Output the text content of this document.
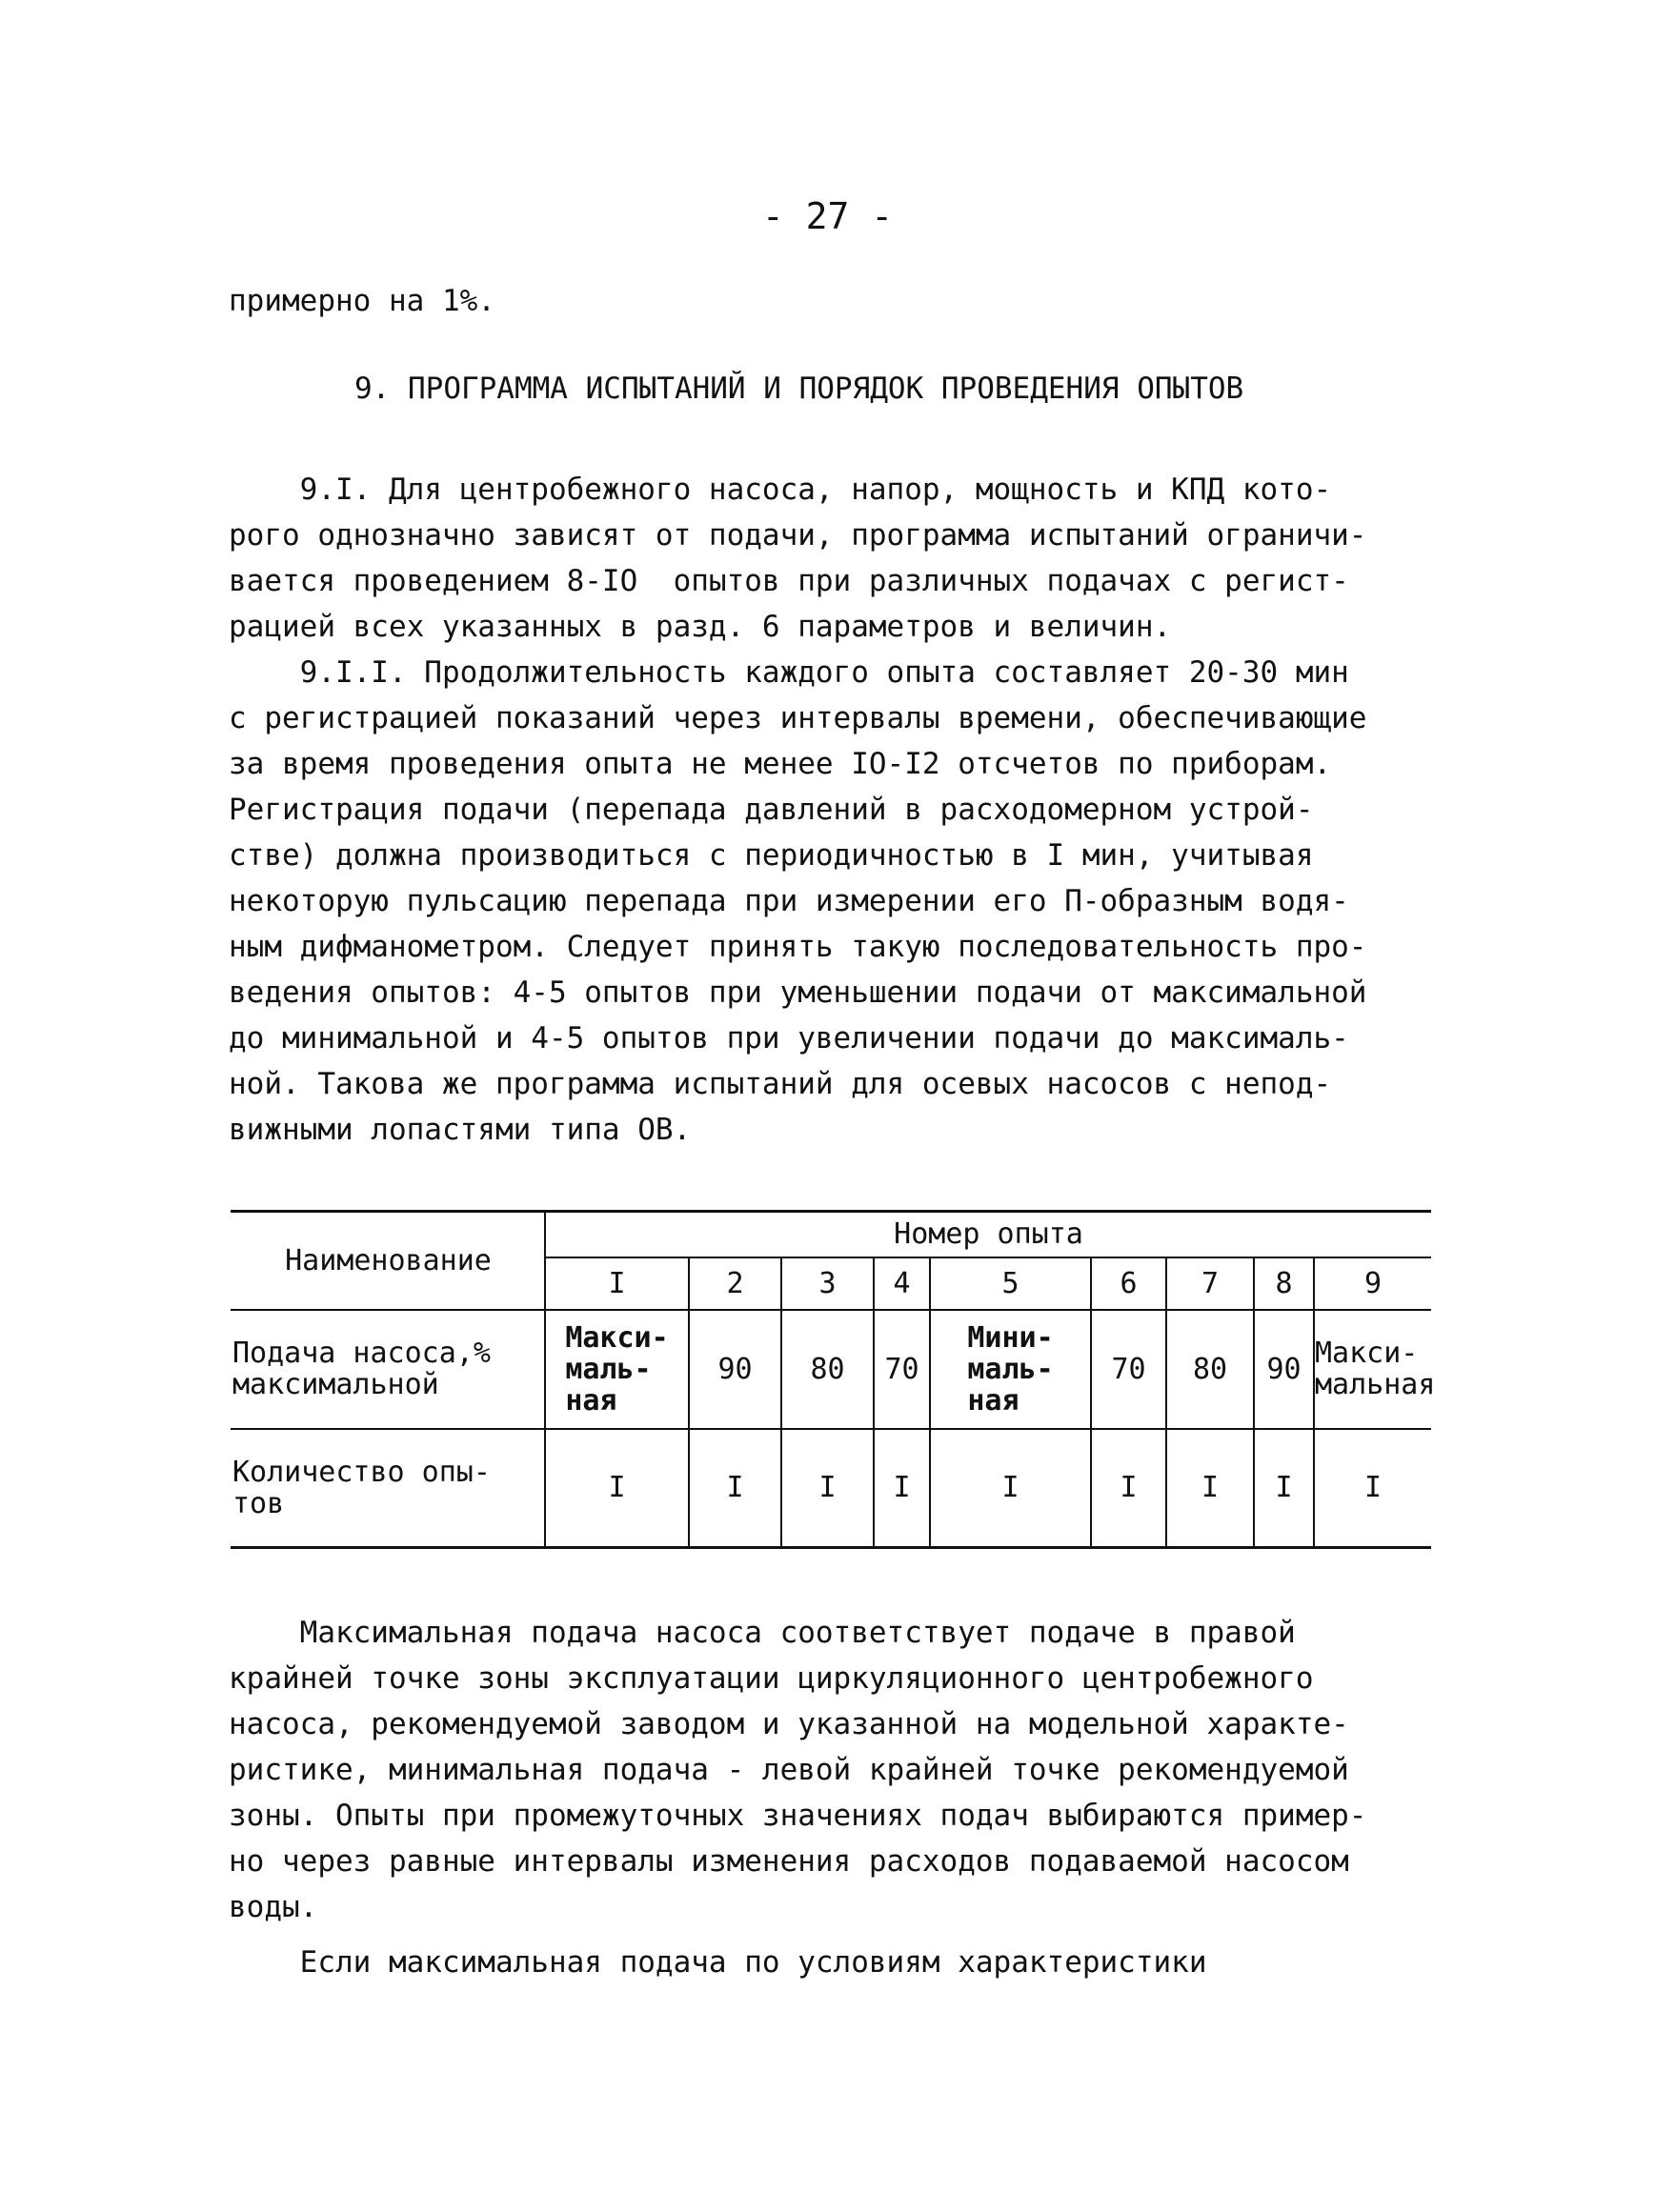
- 27 -
примерно на 1%.
9. ПРОГРАММА ИСПЫТАНИЙ И ПОРЯДОК ПРОВЕДЕНИЯ ОПЫТОВ
9.I. Для центробежного насоса, напор, мощность и КПД кото-
рого однозначно зависят от подачи, программа испытаний ограничи-
вается проведением 8-IO  опытов при различных подачах с регист-
рацией всех указанных в разд. 6 параметров и величин.
9.I.I. Продолжительность каждого опыта составляет 20-30 мин
с регистрацией показаний через интервалы времени, обеспечивающие
за время проведения опыта не менее IO-I2 отсчетов по приборам.
Регистрация подачи (перепада давлений в расходомерном устрой-
стве) должна производиться с периодичностью в I мин, учитывая
некоторую пульсацию перепада при измерении его П-образным водя-
ным дифманометром. Следует принять такую последовательность про-
ведения опытов: 4-5 опытов при уменьшении подачи от максимальной
до минимальной и 4-5 опытов при увеличении подачи до максималь-
ной. Такова же программа испытаний для осевых насосов с непод-
вижными лопастями типа ОВ.
Наименование	Номер опыта								
	I	2	3	4	5	6	7	8	9
Подача насоса,%
максимальной	Макси-
маль-
ная	90	80	70	Мини-
маль-
ная	70	80	90	Макси-
мальная
Количество опы-
тов	I	I	I	I	I	I	I	I	I
Максимальная подача насоса соответствует подаче в правой
крайней точке зоны эксплуатации циркуляционного центробежного
насоса, рекомендуемой заводом и указанной на модельной характе-
ристике, минимальная подача - левой крайней точке рекомендуемой
зоны. Опыты при промежуточных значениях подач выбираются пример-
но через равные интервалы изменения расходов подаваемой насосом
воды.
Если максимальная подача по условиям характеристики
